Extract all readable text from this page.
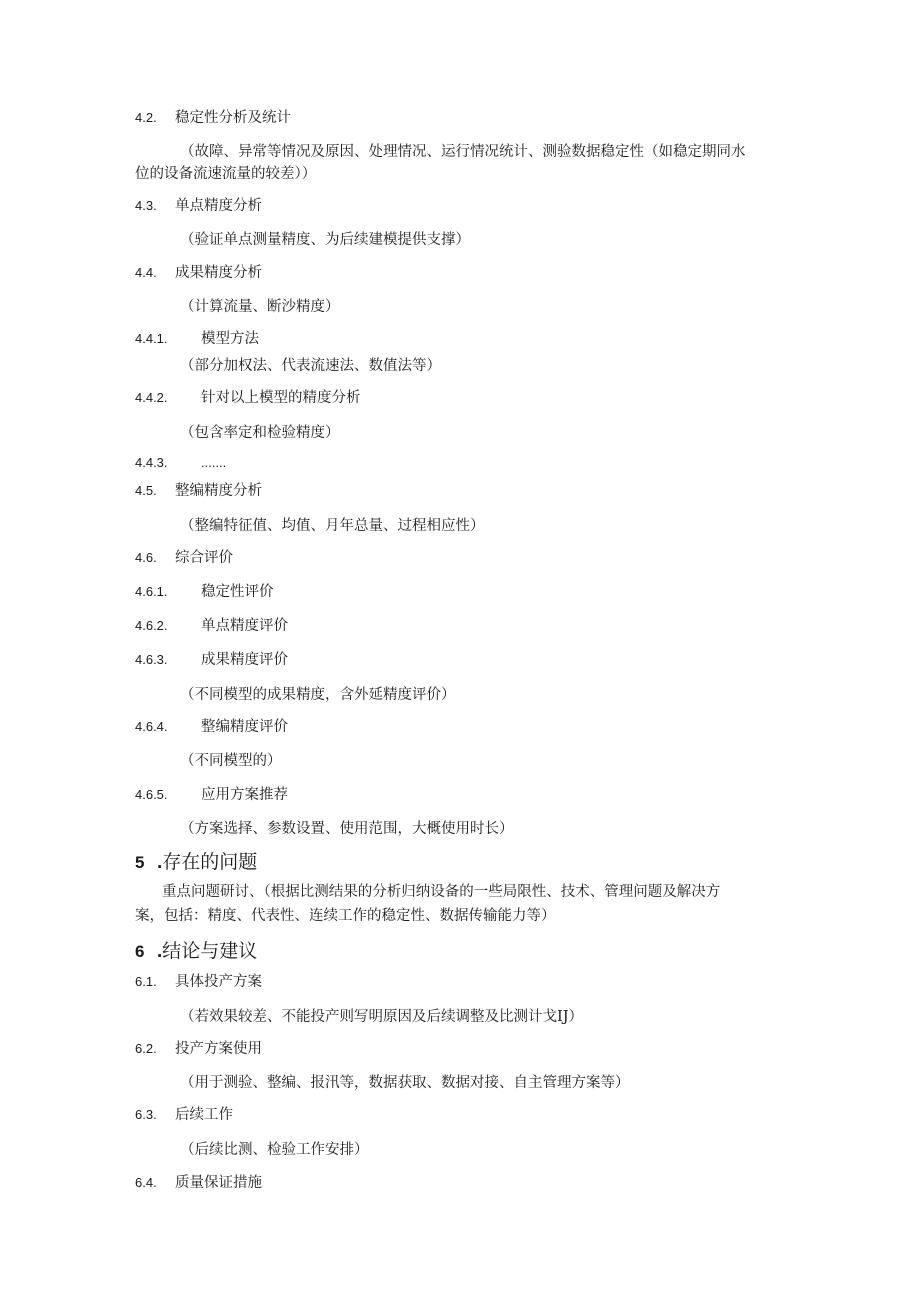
4.2. 稳定性分析及统计
（故障、异常等情况及原因、处理情况、运行情况统计、测验数据稳定性（如稳定期同水
位的设备流速流量的较差））
4.3. 单点精度分析
（验证单点测量精度、为后续建模提供支撑）
4.4. 成果精度分析
（计算流量、断沙精度）
4.4.1. 模型方法
（部分加权法、代表流速法、数值法等）
4.4.2. 针对以上模型的精度分析
（包含率定和检验精度）
4.4.3.	.......
4.5. 整编精度分析
（整编特征值、均值、月年总量、过程相应性）
4.6. 综合评价
4.6.1. 稳定性评价
4.6.2. 单点精度评价
4.6.3. 成果精度评价
（不同模型的成果精度，含外延精度评价）
4.6.4. 整编精度评价
（不同模型的）
4.6.5. 应用方案推荐
（方案选择、参数设置、使用范围，大概使用时长）
5 .存在的问题
重点问题研讨、（根据比测结果的分析归纳设备的一些局限性、技术、管理问题及解决方
案，包括：精度、代表性、连续工作的稳定性、数据传输能力等）
6 .结论与建议
6.1. 具体投产方案
（若效果较差、不能投产则写明原因及后续调整及比测计戈IJ）
6.2. 投产方案使用
（用于测验、整编、报汛等，数据获取、数据对接、自主管理方案等）
6.3. 后续工作
（后续比测、检验工作安排）
6.4. 质量保证措施
